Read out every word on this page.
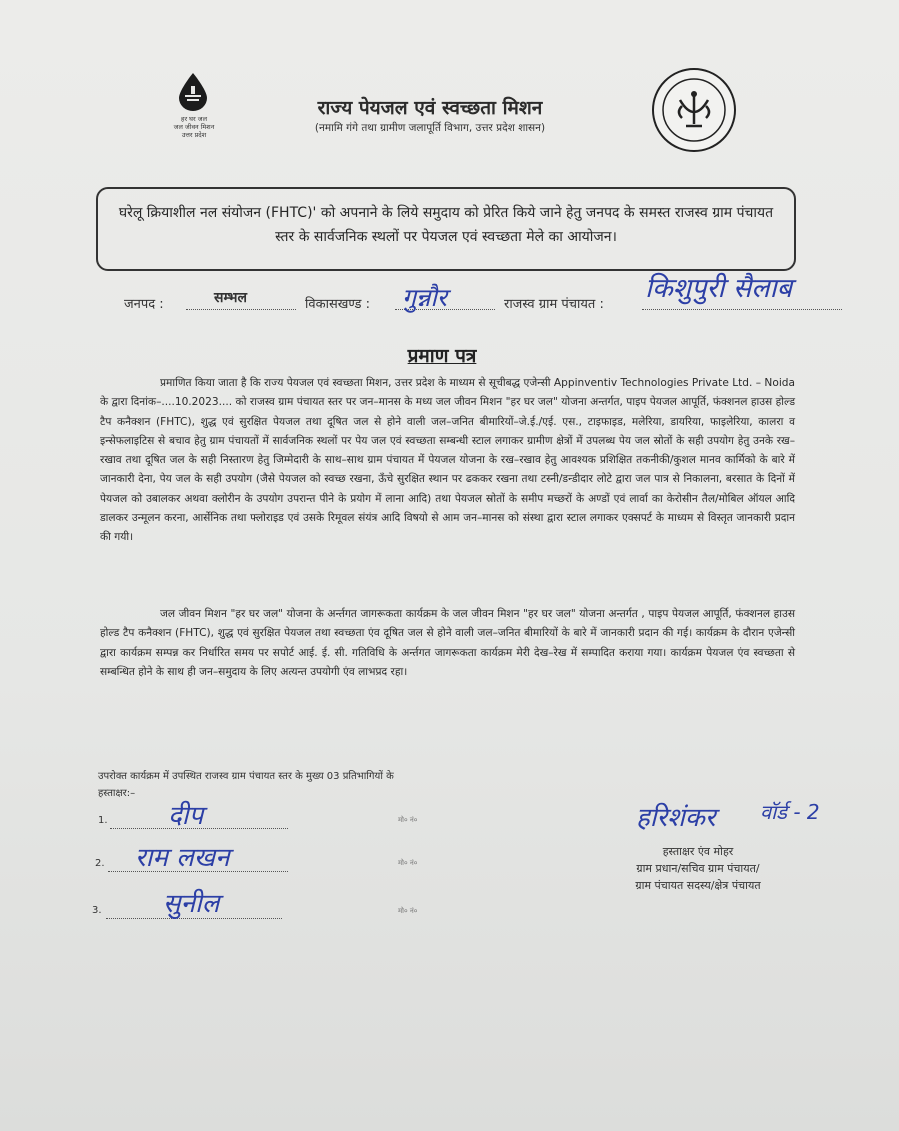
हर घर जल
जल जीवन मिशन
उत्तर प्रदेश
राज्य पेयजल एवं स्वच्छता मिशन
(नमामि गंगे तथा ग्रामीण जलापूर्ति विभाग, उत्तर प्रदेश शासन)
घरेलू क्रियाशील नल संयोजन (FHTC)' को अपनाने के लिये समुदाय को प्रेरित किये जाने हेतु जनपद के समस्त राजस्व ग्राम पंचायत स्तर के सार्वजनिक स्थलों पर पेयजल एवं स्वच्छता मेले का आयोजन।
जनपद :	सम्भल	विकासखण्ड : गुन्नौर	राजस्व ग्राम पंचायत :
किशुपुरी सैलाब
प्रमाण पत्र
प्रमाणित किया जाता है कि राज्य पेयजल एवं स्वच्छता मिशन, उत्तर प्रदेश के माध्यम से सूचीबद्ध एजेन्सी Appinventiv Technologies Private Ltd. – Noida के द्वारा दिनांक–....10.2023.... को राजस्व ग्राम पंचायत स्तर पर जन–मानस के मध्य जल जीवन मिशन "हर घर जल" योजना अन्तर्गत, पाइप पेयजल आपूर्ति, फंक्शनल हाउस होल्ड टैप कनैक्शन (FHTC), शुद्ध एवं सुरक्षित पेयजल तथा दूषित जल से होने वाली जल–जनित बीमारियों–जे.ई./एई. एस., टाइफाइड, मलेरिया, डायरिया, फाइलेरिया, कालरा व इन्सेफलाइटिस से बचाव हेतु ग्राम पंचायतों में सार्वजनिक स्थलों पर पेय जल एवं स्वच्छता सम्बन्धी स्टाल लगाकर ग्रामीण क्षेत्रों में उपलब्ध पेय जल स्रोतों के सही उपयोग हेतु उनके रख–रखाव तथा दूषित जल के सही निस्तारण हेतु जिम्मेदारी के साथ–साथ ग्राम पंचायत में पेयजल योजना के रख–रखाव हेतु आवश्यक प्रशिक्षित तकनीकी/कुशल मानव कार्मिको के बारे में जानकारी देना, पेय जल के सही उपयोग (जैसे पेयजल को स्वच्छ रखना, ऊँचे सुरक्षित स्थान पर ढककर रखना तथा टस्नी/डन्डीदार लोटे द्वारा जल पात्र से निकालना, बरसात के दिनों में पेयजल को उबालकर अथवा क्लोरीन के उपयोग उपरान्त पीने के प्रयोग में लाना आदि) तथा पेयजल स्रोतों के समीप मच्छरों के अण्डों एवं लार्वा का केरोसीन तैल/मोबिल ऑयल आदि डालकर उन्मूलन करना, आर्सेनिक तथा फ्लोराइड एवं उसके रिमूवल संयंत्र आदि विषयो से आम जन–मानस को संस्था द्वारा स्टाल लगाकर एक्सपर्ट के माध्यम से विस्तृत जानकारी प्रदान की गयी।
जल जीवन मिशन "हर घर जल" योजना के अर्न्तगत जागरूकता कार्यक्रम के जल जीवन मिशन "हर घर जल" योजना अन्तर्गत , पाइप पेयजल आपूर्ति, फंक्शनल हाउस होल्ड टैप कनैक्शन (FHTC), शुद्ध एवं सुरक्षित पेयजल तथा स्वच्छता एंव दूषित जल से होने वाली जल–जनित बीमारियों के बारे में जानकारी प्रदान की गई। कार्यक्रम के दौरान एजेन्सी द्वारा कार्यक्रम सम्पन्न कर निर्धारित समय पर सपोर्ट आई. ई. सी. गतिविधि के अर्न्तगत जागरूकता कार्यक्रम मेरी देख–रेख में सम्पादित कराया गया। कार्यक्रम पेयजल एंव स्वच्छता से सम्बन्धित होने के साथ ही जन–समुदाय के लिए अत्यन्त उपयोगी एंव लाभप्रद रहा।
उपरोक्त कार्यक्रम में उपस्थित राजस्व ग्राम पंचायत स्तर के मुख्य 03 प्रतिभागियों के
हस्ताक्षर:–
1. दीप	मो० नं०
2. राम लखन	मो० नं०
3. सुनील	मो० नं०
हरिशंकर वॉर्ड - 2
हस्ताक्षर एंव मोहर
ग्राम प्रधान/सचिव ग्राम पंचायत/
ग्राम पंचायत सदस्य/क्षेत्र पंचायत
